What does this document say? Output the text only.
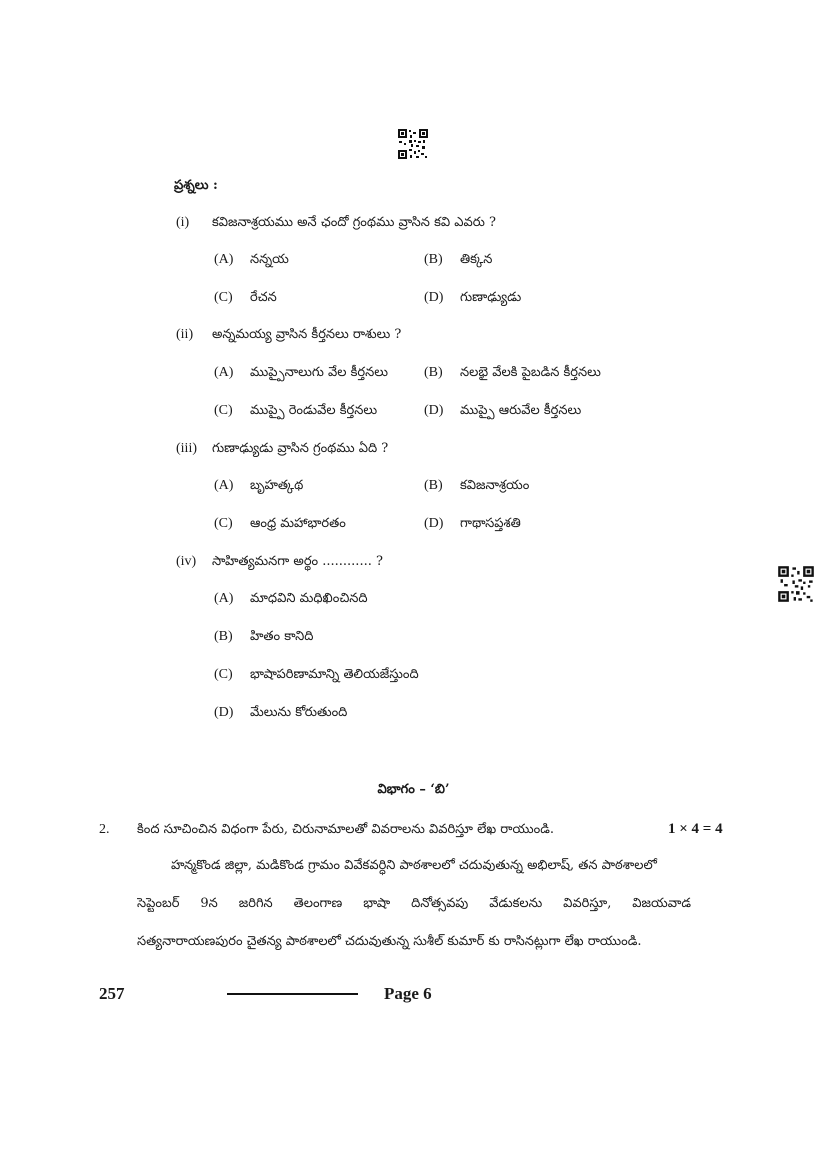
ప్రశ్నలు :
(i) కవిజనాశ్రయము అనే ఛందో గ్రంథము వ్రాసిన కవి ఎవరు ?
(A) నన్నయ	(B) తిక్కన
(C) రేచన	(D) గుణాఢ్యుడు
(ii) అన్నమయ్య వ్రాసిన కీర్తనలు రాశులు ?
(A) ముప్పైనాలుగు వేల కీర్తనలు	(B) నలభై వేలకి పైబడిన కీర్తనలు
(C) ముప్పై రెండువేల కీర్తనలు	(D) ముప్పై ఆరువేల కీర్తనలు
(iii) గుణాఢ్యుడు వ్రాసిన గ్రంథము ఏది ?
(A) బృహత్కథ	(B) కవిజనాశ్రయం
(C) ఆంధ్ర మహాభారతం	(D) గాథాసప్తశతి
(iv) సాహిత్యమనగా అర్థం ............ ?
(A) మాధవిని మధిఖించినది
(B) హితం కానిది
(C) భాషాపరిణామాన్ని తెలియజేస్తుంది
(D) మేలును కోరుతుంది
విభాగం – ‘బి’
2. కింద సూచించిన విధంగా పేరు, చిరునామాలతో వివరాలను వివరిస్తూ లేఖ రాయుండి.	1 × 4 = 4
హన్మకొండ జిల్లా, మడికొండ గ్రామం వివేకవర్ధిని పాఠశాలలో చదువుతున్న అభిలాష్, తన పాఠశాలలో
సెప్టెంబర్ 9న జరిగిన తెలంగాణ భాషా దినోత్సవపు వేడుకలను వివరిస్తూ, విజయవాడ
సత్యనారాయణపురం చైతన్య పాఠశాలలో చదువుతున్న సుశీల్ కుమార్ కు రాసినట్లుగా లేఖ రాయుండి.
257	Page 6
